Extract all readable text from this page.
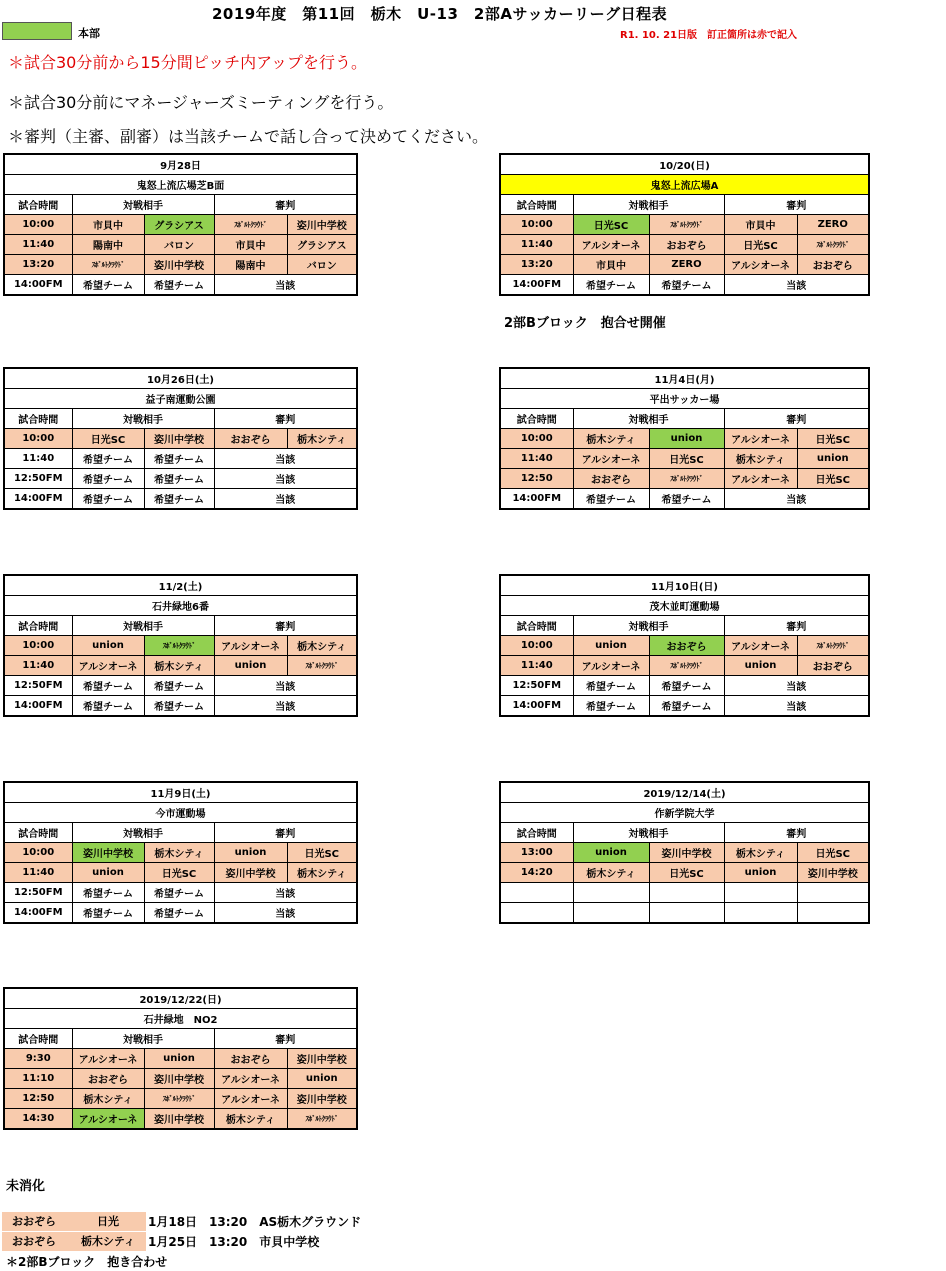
2019年度　第11回　栃木　U-13　2部Aサッカーリーグ日程表
R1. 10. 21日版　訂正箇所は赤で記入
本部
＊試合30分前から15分間ピッチ内アップを行う。
＊試合30分前にマネージャーズミーティングを行う。
＊審判（主審、副審）は当該チームで話し合って決めてください。
2部Bブロック　抱合せ開催
9月28日				
鬼怒上流広場芝B面				
試合時間	対戦相手		審判	
10:00	市貝中	グラシアス	ｽﾎﾞﾙﾄｸﾗｳﾄﾞ	姿川中学校
11:40	陽南中	バロン	市貝中	グラシアス
13:20	ｽﾎﾞﾙﾄｸﾗｳﾄﾞ	姿川中学校	陽南中	バロン
14:00FM	希望チーム	希望チーム	当該	
10/20(日)				
鬼怒上流広場A				
試合時間	対戦相手		審判	
10:00	日光SC	ｽﾎﾞﾙﾄｸﾗｳﾄﾞ	市貝中	ZERO
11:40	アルシオーネ	おおぞら	日光SC	ｽﾎﾞﾙﾄｸﾗｳﾄﾞ
13:20	市貝中	ZERO	アルシオーネ	おおぞら
14:00FM	希望チーム	希望チーム	当該	
10月26日(土)				
益子南運動公園				
試合時間	対戦相手		審判	
10:00	日光SC	姿川中学校	おおぞら	栃木シティ
11:40	希望チーム	希望チーム	当該	
12:50FM	希望チーム	希望チーム	当該	
14:00FM	希望チーム	希望チーム	当該	
11月4日(月)				
平出サッカー場				
試合時間	対戦相手		審判	
10:00	栃木シティ	union	アルシオーネ	日光SC
11:40	アルシオーネ	日光SC	栃木シティ	union
12:50	おおぞら	ｽﾎﾞﾙﾄｸﾗｳﾄﾞ	アルシオーネ	日光SC
14:00FM	希望チーム	希望チーム	当該	
11/2(土)				
石井緑地6番				
試合時間	対戦相手		審判	
10:00	union	ｽﾎﾞﾙﾄｸﾗｳﾄﾞ	アルシオーネ	栃木シティ
11:40	アルシオーネ	栃木シティ	union	ｽﾎﾞﾙﾄｸﾗｳﾄﾞ
12:50FM	希望チーム	希望チーム	当該	
14:00FM	希望チーム	希望チーム	当該	
11月10日(日)				
茂木並町運動場				
試合時間	対戦相手		審判	
10:00	union	おおぞら	アルシオーネ	ｽﾎﾞﾙﾄｸﾗｳﾄﾞ
11:40	アルシオーネ	ｽﾎﾞﾙﾄｸﾗｳﾄﾞ	union	おおぞら
12:50FM	希望チーム	希望チーム	当該	
14:00FM	希望チーム	希望チーム	当該	
11月9日(土)				
今市運動場				
試合時間	対戦相手		審判	
10:00	姿川中学校	栃木シティ	union	日光SC
11:40	union	日光SC	姿川中学校	栃木シティ
12:50FM	希望チーム	希望チーム	当該	
14:00FM	希望チーム	希望チーム	当該	
2019/12/14(土)				
作新学院大学				
試合時間	対戦相手		審判	
13:00	union	姿川中学校	栃木シティ	日光SC
14:20	栃木シティ	日光SC	union	姿川中学校

2019/12/22(日)				
石井緑地　NO2				
試合時間	対戦相手		審判	
9:30	アルシオーネ	union	おおぞら	姿川中学校
11:10	おおぞら	姿川中学校	アルシオーネ	union
12:50	栃木シティ	ｽﾎﾞﾙﾄｸﾗｳﾄﾞ	アルシオーネ	姿川中学校
14:30	アルシオーネ	姿川中学校	栃木シティ	ｽﾎﾞﾙﾄｸﾗｳﾄﾞ
未消化
おおぞら	日光	1月18日　13:20　AS栃木グラウンド
おおぞら	栃木シティ	1月25日　13:20　市貝中学校
＊2部Bブロック　抱き合わせ
